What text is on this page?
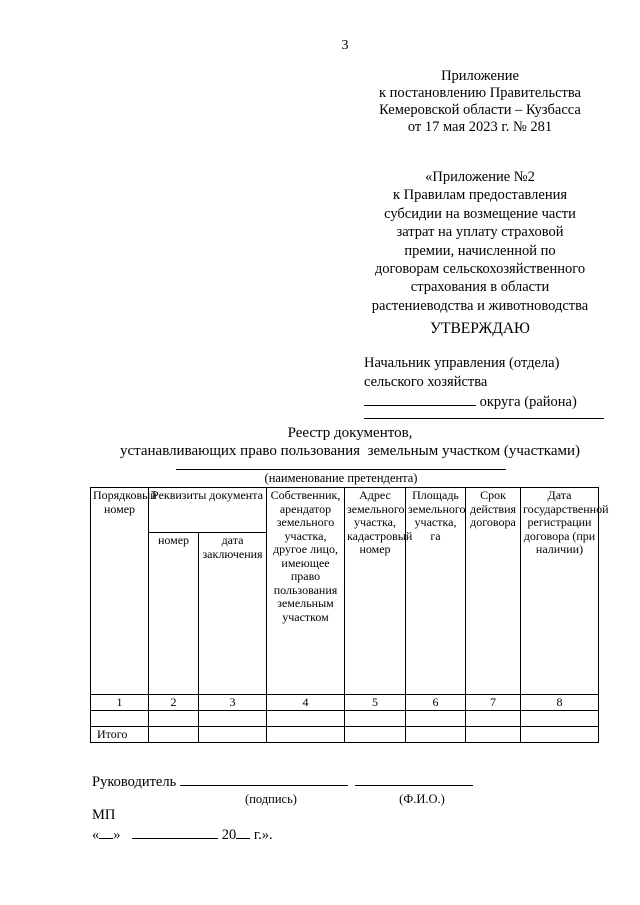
3
Приложение
к постановлению Правительства
Кемеровской области – Кузбасса
от 17 мая 2023 г. № 281
«Приложение №2
к Правилам предоставления
субсидии на возмещение части
затрат на уплату страховой
премии, начисленной по
договорам сельскохозяйственного
страхования в области
растениеводства и животноводства
УТВЕРЖДАЮ
Начальник управления (отдела)
сельского хозяйства
округа (района)
Реестр документов,
устанавливающих право пользования  земельным участком (участками)
(наименование претендента)
Порядковый номер	Реквизиты документа		Собственник, арендатор земельного участка, другое лицо, имеющее право пользования земельным участком	Адрес земельного участка, кадастровый номер	Площадь земельного участка, га	Срок действия договора	Дата государственной регистрации договора (при наличии)
	номер	дата заключения					
1	2	3	4	5	6	7	8

Итого							
Руководитель
(подпись)	(Ф.И.О.)
МП
« »	20 г.».
